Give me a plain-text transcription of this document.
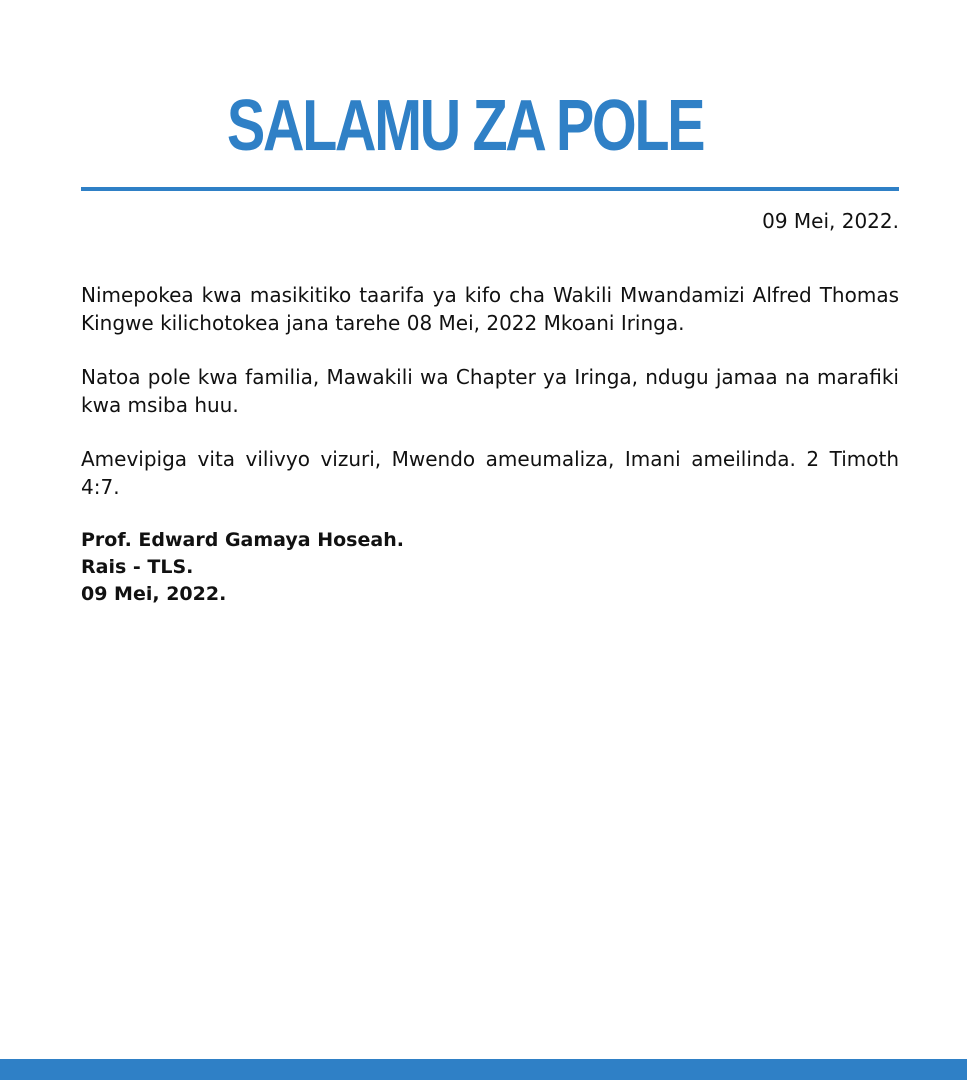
SALAMU ZA POLE
09 Mei, 2022.

Nimepokea kwa masikitiko taarifa ya kifo cha Wakili Mwandamizi Alfred Thomas Kingwe kilichotokea jana tarehe 08 Mei, 2022 Mkoani Iringa.

Natoa pole kwa familia, Mawakili wa Chapter ya Iringa, ndugu jamaa na marafiki kwa msiba huu.

Amevipiga vita vilivyo vizuri, Mwendo ameumaliza, Imani ameilinda. 2 Timoth 4:7.

Prof. Edward Gamaya Hoseah.
Rais - TLS.
09 Mei, 2022.
